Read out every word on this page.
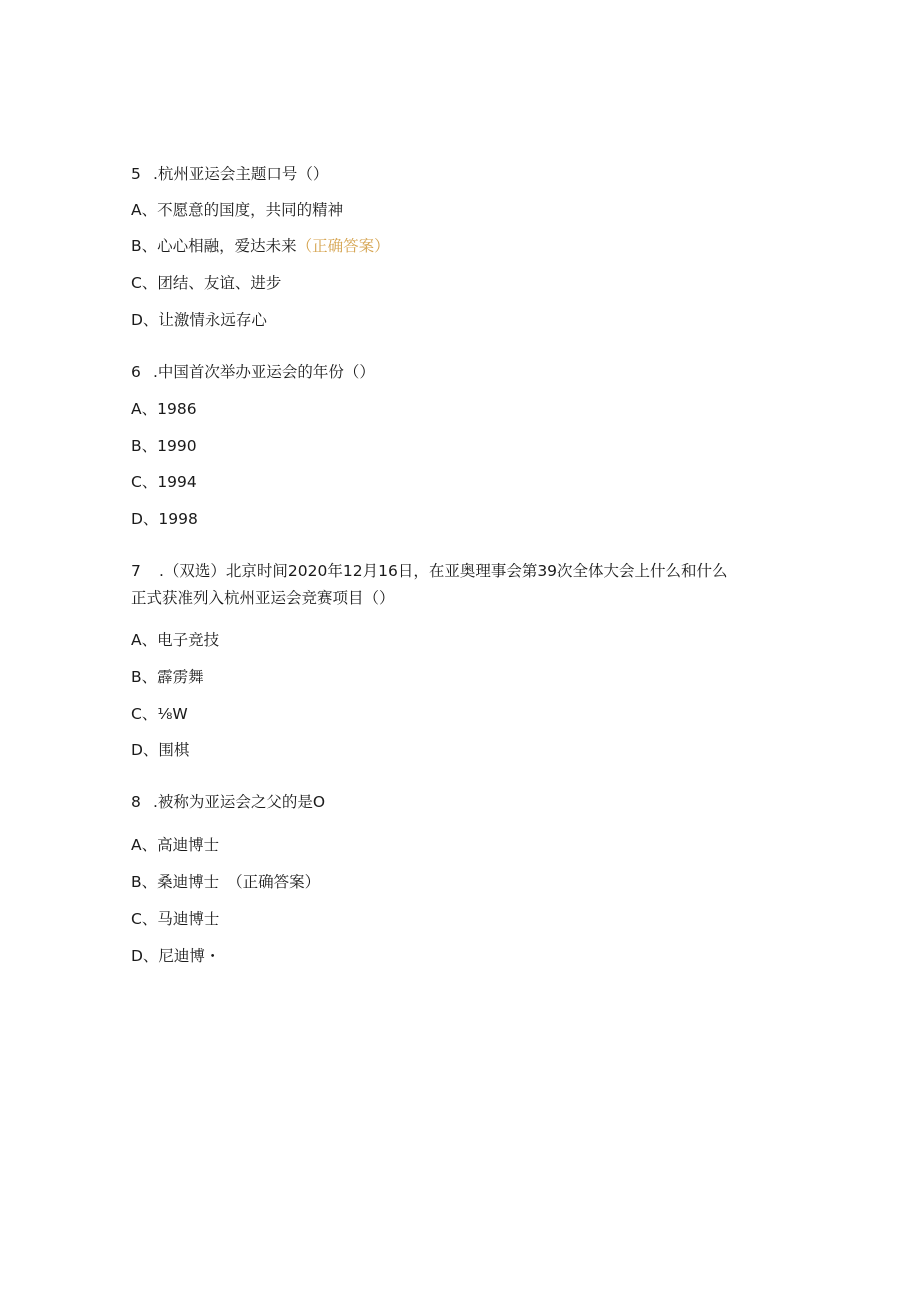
5 .杭州亚运会主题口号（）
A、不愿意的国度，共同的精神
B、心心相融，爱达未来（正确答案）
C、团结、友谊、进步
D、让激情永远存心
6 .中国首次举办亚运会的年份（）
A、1986
B、1990
C、1994
D、1998
7 .（双选）北京时间2020年12月16日，在亚奥理事会第39次全体大会上什么和什么
正式获准列入杭州亚运会竞赛项目（）
A、电子竞技
B、霹雳舞
C、⅛W
D、围棋
8 .被称为亚运会之父的是O
A、高迪博士
B、桑迪博士 （正确答案）
C、马迪博士
D、尼迪博・
